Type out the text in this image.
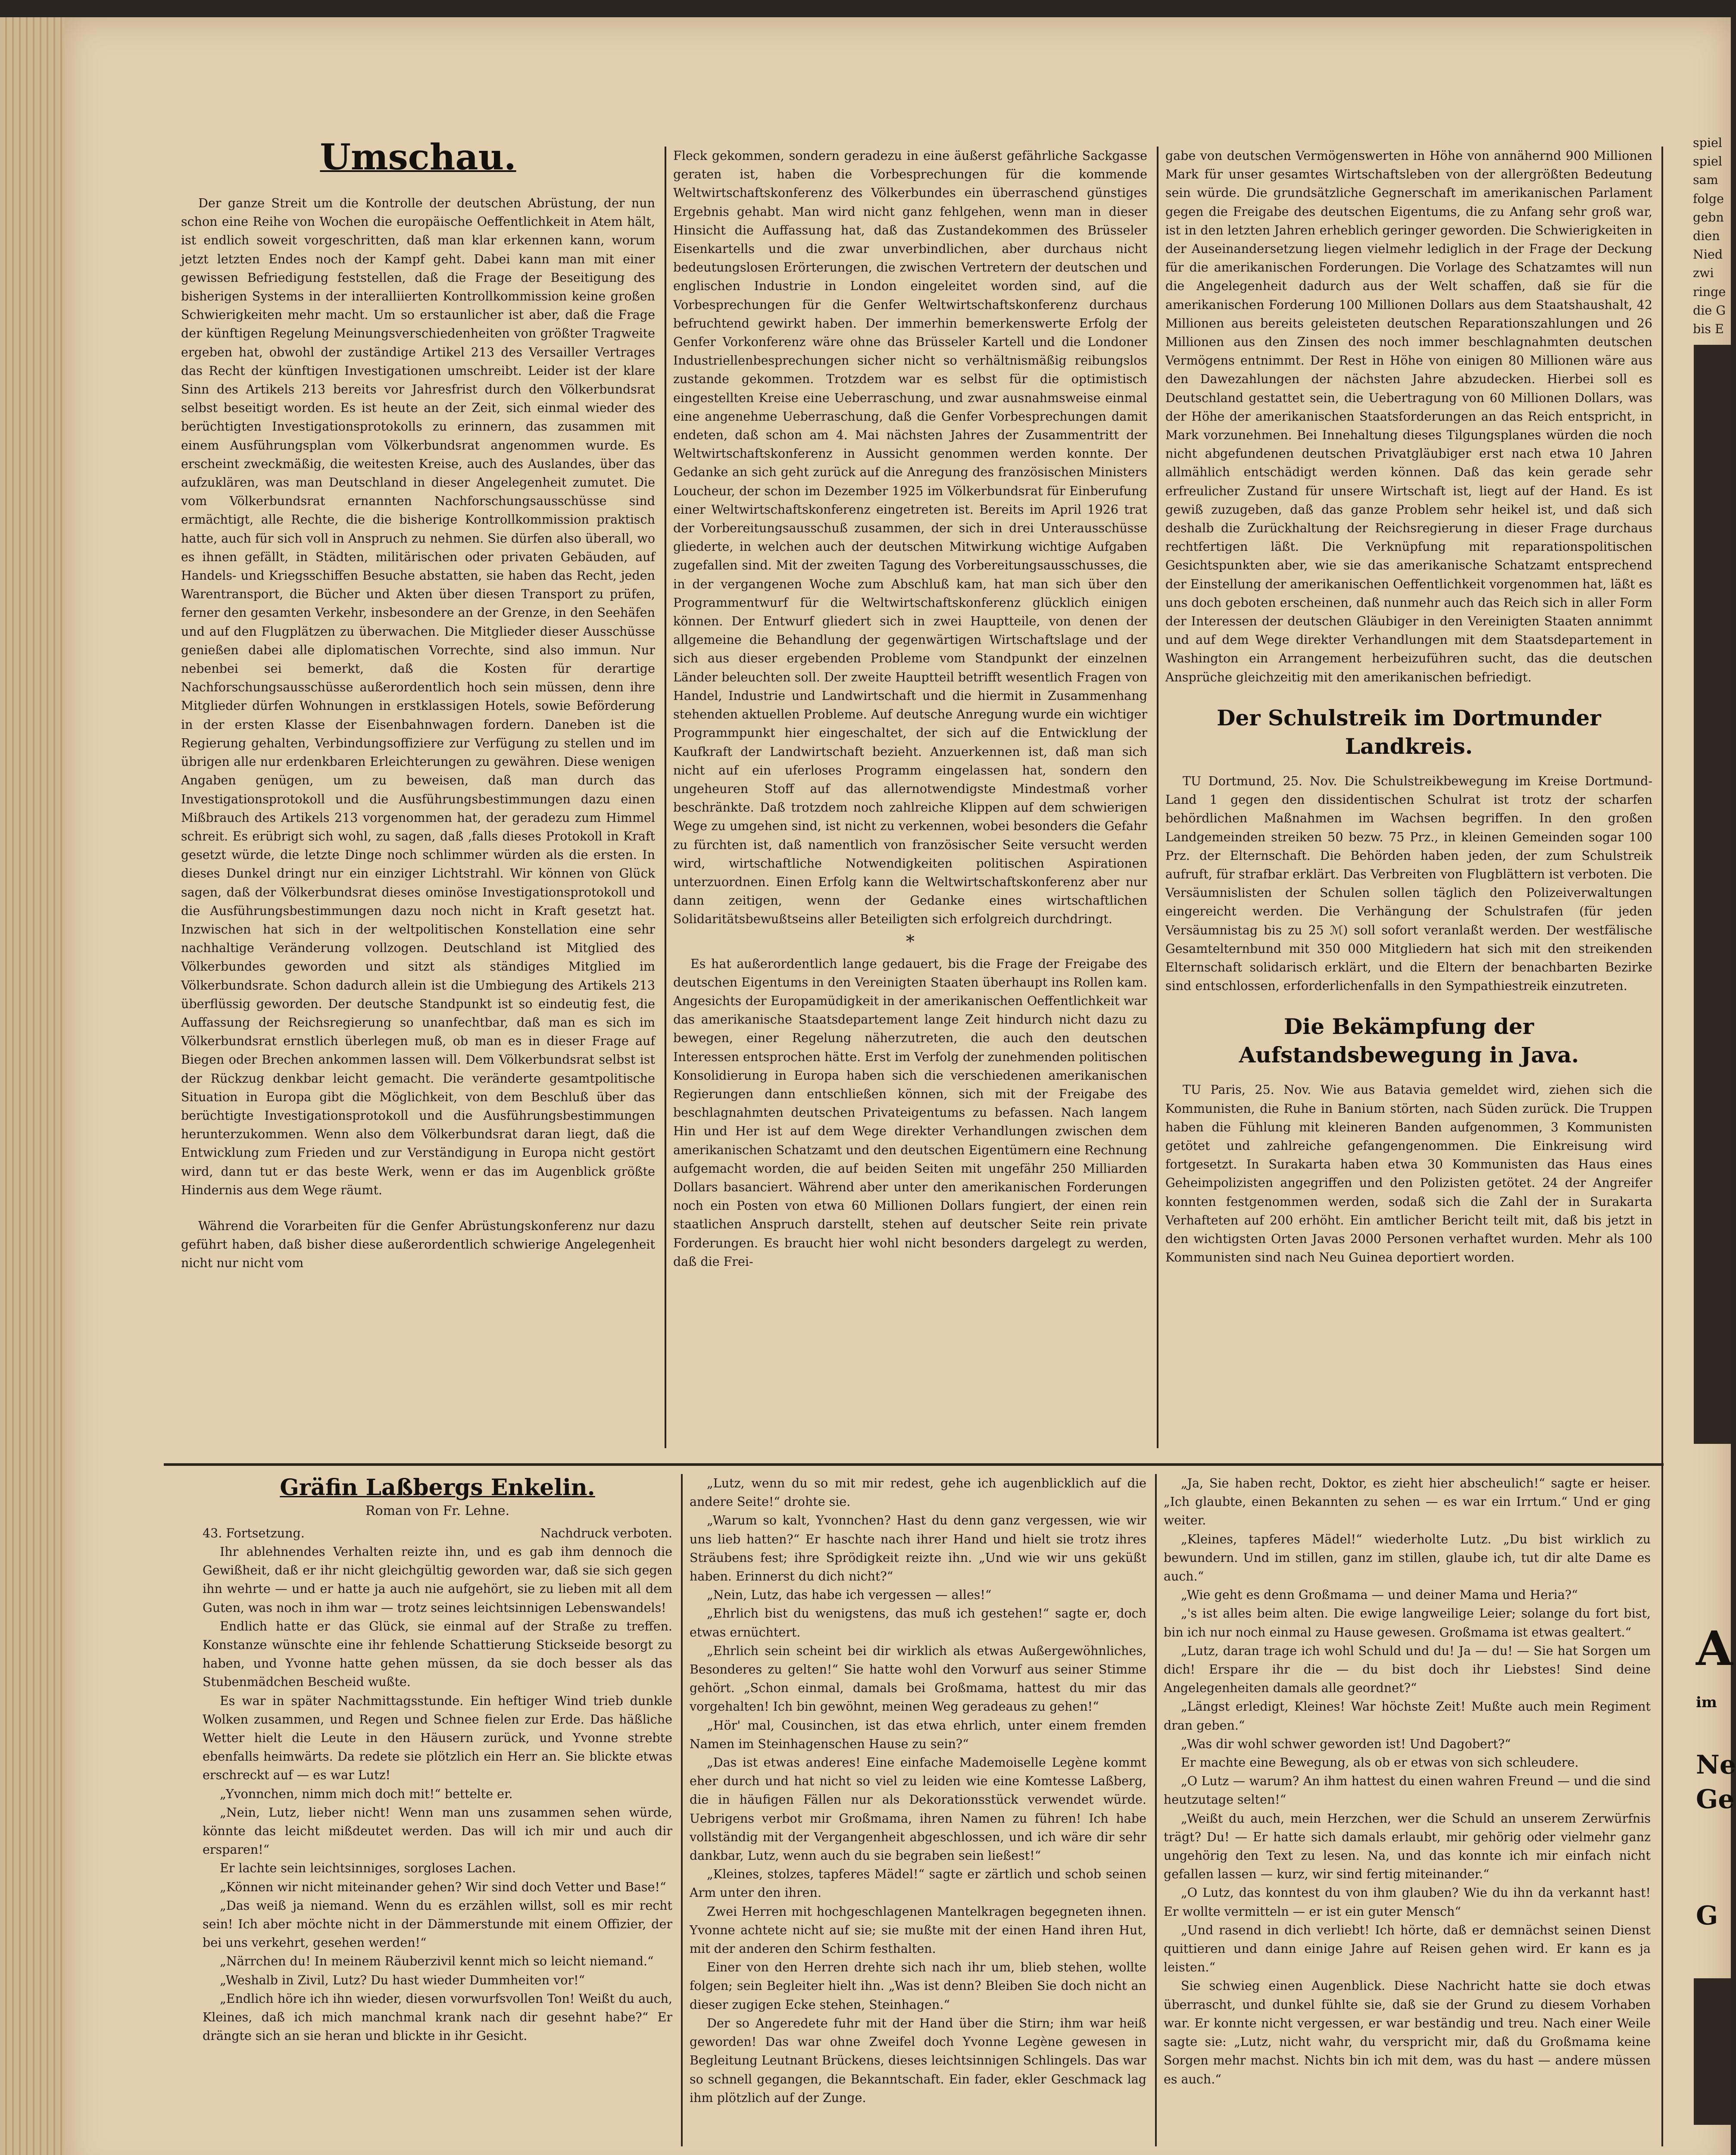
Umschau.

Der ganze Streit um die Kontrolle der deutschen Abrüstung, der nun schon eine Reihe von Wochen die europäische Oeffentlichkeit in Atem hält, ist endlich soweit vorgeschritten, daß man klar erkennen kann, worum jetzt letzten Endes noch der Kampf geht. Dabei kann man mit einer gewissen Befriedigung feststellen, daß die Frage der Beseitigung des bisherigen Systems in der interalliierten Kontrollkommission keine großen Schwierigkeiten mehr macht. Um so erstaunlicher ist aber, daß die Frage der künftigen Regelung Meinungsverschiedenheiten von größter Tragweite ergeben hat, obwohl der zuständige Artikel 213 des Versailler Vertrages das Recht der künftigen Investigationen umschreibt. Leider ist der klare Sinn des Artikels 213 bereits vor Jahresfrist durch den Völkerbundsrat selbst beseitigt worden. Es ist heute an der Zeit, sich einmal wieder des berüchtigten Investigationsprotokolls zu erinnern, das zusammen mit einem Ausführungsplan vom Völkerbundsrat angenommen wurde. Es erscheint zweckmäßig, die weitesten Kreise, auch des Auslandes, über das aufzuklären, was man Deutschland in dieser Angelegenheit zumutet. Die vom Völkerbundsrat ernannten Nachforschungsausschüsse sind ermächtigt, alle Rechte, die die bisherige Kontrollkommission praktisch hatte, auch für sich voll in Anspruch zu nehmen. Sie dürfen also überall, wo es ihnen gefällt, in Städten, militärischen oder privaten Gebäuden, auf Handels- und Kriegsschiffen Besuche abstatten, sie haben das Recht, jeden Warentransport, die Bücher und Akten über diesen Transport zu prüfen, ferner den gesamten Verkehr, insbesondere an der Grenze, in den Seehäfen und auf den Flugplätzen zu überwachen. Die Mitglieder dieser Ausschüsse genießen dabei alle diplomatischen Vorrechte, sind also immun. Nur nebenbei sei bemerkt, daß die Kosten für derartige Nachforschungsausschüsse außerordentlich hoch sein müssen, denn ihre Mitglieder dürfen Wohnungen in erstklassigen Hotels, sowie Beförderung in der ersten Klasse der Eisenbahnwagen fordern. Daneben ist die Regierung gehalten, Verbindungsoffiziere zur Verfügung zu stellen und im übrigen alle nur erdenkbaren Erleichterungen zu gewähren. Diese wenigen Angaben genügen, um zu beweisen, daß man durch das Investigationsprotokoll und die Ausführungsbestimmungen dazu einen Mißbrauch des Artikels 213 vorgenommen hat, der geradezu zum Himmel schreit. Es erübrigt sich wohl, zu sagen, daß ‚falls dieses Protokoll in Kraft gesetzt würde, die letzte Dinge noch schlimmer würden als die ersten. In dieses Dunkel dringt nur ein einziger Lichtstrahl. Wir können von Glück sagen, daß der Völkerbundsrat dieses ominöse Investigationsprotokoll und die Ausführungsbestimmungen dazu noch nicht in Kraft gesetzt hat. Inzwischen hat sich in der weltpolitischen Konstellation eine sehr nachhaltige Veränderung vollzogen. Deutschland ist Mitglied des Völkerbundes geworden und sitzt als ständiges Mitglied im Völkerbundsrate. Schon dadurch allein ist die Umbiegung des Artikels 213 überflüssig geworden. Der deutsche Standpunkt ist so eindeutig fest, die Auffassung der Reichsregierung so unanfechtbar, daß man es sich im Völkerbundsrat ernstlich überlegen muß, ob man es in dieser Frage auf Biegen oder Brechen ankommen lassen will. Dem Völkerbundsrat selbst ist der Rückzug denkbar leicht gemacht. Die veränderte gesamtpolitische Situation in Europa gibt die Möglichkeit, von dem Beschluß über das berüchtigte Investigationsprotokoll und die Ausführungsbestimmungen herunterzukommen. Wenn also dem Völkerbundsrat daran liegt, daß die Entwicklung zum Frieden und zur Verständigung in Europa nicht gestört wird, dann tut er das beste Werk, wenn er das im Augenblick größte Hindernis aus dem Wege räumt.

Während die Vorarbeiten für die Genfer Abrüstungskonferenz nur dazu geführt haben, daß bisher diese außerordentlich schwierige Angelegenheit nicht nur nicht vom

Fleck gekommen, sondern geradezu in eine äußerst gefährliche Sackgasse geraten ist, haben die Vorbesprechungen für die kommende Weltwirtschaftskonferenz des Völkerbundes ein überraschend günstiges Ergebnis gehabt. Man wird nicht ganz fehlgehen, wenn man in dieser Hinsicht die Auffassung hat, daß das Zustandekommen des Brüsseler Eisenkartells und die zwar unverbindlichen, aber durchaus nicht bedeutungslosen Erörterungen, die zwischen Vertretern der deutschen und englischen Industrie in London eingeleitet worden sind, auf die Vorbesprechungen für die Genfer Weltwirtschaftskonferenz durchaus befruchtend gewirkt haben. Der immerhin bemerkenswerte Erfolg der Genfer Vorkonferenz wäre ohne das Brüsseler Kartell und die Londoner Industriellenbesprechungen sicher nicht so verhältnismäßig reibungslos zustande gekommen. Trotzdem war es selbst für die optimistisch eingestellten Kreise eine Ueberraschung, und zwar ausnahmsweise einmal eine angenehme Ueberraschung, daß die Genfer Vorbesprechungen damit endeten, daß schon am 4. Mai nächsten Jahres der Zusammentritt der Weltwirtschaftskonferenz in Aussicht genommen werden konnte. Der Gedanke an sich geht zurück auf die Anregung des französischen Ministers Loucheur, der schon im Dezember 1925 im Völkerbundsrat für Einberufung einer Weltwirtschaftskonferenz eingetreten ist. Bereits im April 1926 trat der Vorbereitungsausschuß zusammen, der sich in drei Unterausschüsse gliederte, in welchen auch der deutschen Mitwirkung wichtige Aufgaben zugefallen sind. Mit der zweiten Tagung des Vorbereitungsausschusses, die in der vergangenen Woche zum Abschluß kam, hat man sich über den Programmentwurf für die Weltwirtschaftskonferenz glücklich einigen können. Der Entwurf gliedert sich in zwei Hauptteile, von denen der allgemeine die Behandlung der gegenwärtigen Wirtschaftslage und der sich aus dieser ergebenden Probleme vom Standpunkt der einzelnen Länder beleuchten soll. Der zweite Hauptteil betrifft wesentlich Fragen von Handel, Industrie und Landwirtschaft und die hiermit in Zusammenhang stehenden aktuellen Probleme. Auf deutsche Anregung wurde ein wichtiger Programmpunkt hier eingeschaltet, der sich auf die Entwicklung der Kaufkraft der Landwirtschaft bezieht. Anzuerkennen ist, daß man sich nicht auf ein uferloses Programm eingelassen hat, sondern den ungeheuren Stoff auf das allernotwendigste Mindestmaß vorher beschränkte. Daß trotzdem noch zahlreiche Klippen auf dem schwierigen Wege zu umgehen sind, ist nicht zu verkennen, wobei besonders die Gefahr zu fürchten ist, daß namentlich von französischer Seite versucht werden wird, wirtschaftliche Notwendigkeiten politischen Aspirationen unterzuordnen. Einen Erfolg kann die Weltwirtschaftskonferenz aber nur dann zeitigen, wenn der Gedanke eines wirtschaftlichen Solidaritätsbewußtseins aller Beteiligten sich erfolgreich durchdringt.

*

Es hat außerordentlich lange gedauert, bis die Frage der Freigabe des deutschen Eigentums in den Vereinigten Staaten überhaupt ins Rollen kam. Angesichts der Europamüdigkeit in der amerikanischen Oeffentlichkeit war das amerikanische Staatsdepartement lange Zeit hindurch nicht dazu zu bewegen, einer Regelung näherzutreten, die auch den deutschen Interessen entsprochen hätte. Erst im Verfolg der zunehmenden politischen Konsolidierung in Europa haben sich die verschiedenen amerikanischen Regierungen dann entschließen können, sich mit der Freigabe des beschlagnahmten deutschen Privateigentums zu befassen. Nach langem Hin und Her ist auf dem Wege direkter Verhandlungen zwischen dem amerikanischen Schatzamt und den deutschen Eigentümern eine Rechnung aufgemacht worden, die auf beiden Seiten mit ungefähr 250 Milliarden Dollars basanciert. Während aber unter den amerikanischen Forderungen noch ein Posten von etwa 60 Millionen Dollars fungiert, der einen rein staatlichen Anspruch darstellt, stehen auf deutscher Seite rein private Forderungen. Es braucht hier wohl nicht besonders dargelegt zu werden, daß die Frei-

gabe von deutschen Vermögenswerten in Höhe von annähernd 900 Millionen Mark für unser gesamtes Wirtschaftsleben von der allergrößten Bedeutung sein würde. Die grundsätzliche Gegnerschaft im amerikanischen Parlament gegen die Freigabe des deutschen Eigentums, die zu Anfang sehr groß war, ist in den letzten Jahren erheblich geringer geworden. Die Schwierigkeiten in der Auseinandersetzung liegen vielmehr lediglich in der Frage der Deckung für die amerikanischen Forderungen. Die Vorlage des Schatzamtes will nun die Angelegenheit dadurch aus der Welt schaffen, daß sie für die amerikanischen Forderung 100 Millionen Dollars aus dem Staatshaushalt, 42 Millionen aus bereits geleisteten deutschen Reparationszahlungen und 26 Millionen aus den Zinsen des noch immer beschlagnahmten deutschen Vermögens entnimmt. Der Rest in Höhe von einigen 80 Millionen wäre aus den Dawezahlungen der nächsten Jahre abzudecken. Hierbei soll es Deutschland gestattet sein, die Uebertragung von 60 Millionen Dollars, was der Höhe der amerikanischen Staatsforderungen an das Reich entspricht, in Mark vorzunehmen. Bei Innehaltung dieses Tilgungsplanes würden die noch nicht abgefundenen deutschen Privatgläubiger erst nach etwa 10 Jahren allmählich entschädigt werden können. Daß das kein gerade sehr erfreulicher Zustand für unsere Wirtschaft ist, liegt auf der Hand. Es ist gewiß zuzugeben, daß das ganze Problem sehr heikel ist, und daß sich deshalb die Zurückhaltung der Reichsregierung in dieser Frage durchaus rechtfertigen läßt. Die Verknüpfung mit reparationspolitischen Gesichtspunkten aber, wie sie das amerikanische Schatzamt entsprechend der Einstellung der amerikanischen Oeffentlichkeit vorgenommen hat, läßt es uns doch geboten erscheinen, daß nunmehr auch das Reich sich in aller Form der Interessen der deutschen Gläubiger in den Vereinigten Staaten annimmt und auf dem Wege direkter Verhandlungen mit dem Staatsdepartement in Washington ein Arrangement herbeizuführen sucht, das die deutschen Ansprüche gleichzeitig mit den amerikanischen befriedigt.

Der Schulstreik im Dortmunder Landkreis.

TU Dortmund, 25. Nov. Die Schulstreikbewegung im Kreise Dortmund-Land 1 gegen den dissidentischen Schulrat ist trotz der scharfen behördlichen Maßnahmen im Wachsen begriffen. In den großen Landgemeinden streiken 50 bezw. 75 Prz., in kleinen Gemeinden sogar 100 Prz. der Elternschaft. Die Behörden haben jeden, der zum Schulstreik aufruft, für strafbar erklärt. Das Verbreiten von Flugblättern ist verboten. Die Versäumnislisten der Schulen sollen täglich den Polizeiverwaltungen eingereicht werden. Die Verhängung der Schulstrafen (für jeden Versäumnistag bis zu 25 ℳ) soll sofort veranlaßt werden. Der westfälische Gesamtelternbund mit 350 000 Mitgliedern hat sich mit den streikenden Elternschaft solidarisch erklärt, und die Eltern der benachbarten Bezirke sind entschlossen, erforderlichenfalls in den Sympathiestreik einzutreten.

Die Bekämpfung der Aufstandsbewegung in Java.

TU Paris, 25. Nov. Wie aus Batavia gemeldet wird, ziehen sich die Kommunisten, die Ruhe in Banium störten, nach Süden zurück. Die Truppen haben die Fühlung mit kleineren Banden aufgenommen, 3 Kommunisten getötet und zahlreiche gefangengenommen. Die Einkreisung wird fortgesetzt. In Surakarta haben etwa 30 Kommunisten das Haus eines Geheimpolizisten angegriffen und den Polizisten getötet. 24 der Angreifer konnten festgenommen werden, sodaß sich die Zahl der in Surakarta Verhafteten auf 200 erhöht. Ein amtlicher Bericht teilt mit, daß bis jetzt in den wichtigsten Orten Javas 2000 Personen verhaftet wurden. Mehr als 100 Kommunisten sind nach Neu Guinea deportiert worden.

Gräfin Laßbergs Enkelin.
Roman von Fr. Lehne.
43. Fortsetzung.	Nachdruck verboten.

Ihr ablehnendes Verhalten reizte ihn, und es gab ihm dennoch die Gewißheit, daß er ihr nicht gleichgültig geworden war, daß sie sich gegen ihn wehrte — und er hatte ja auch nie aufgehört, sie zu lieben mit all dem Guten, was noch in ihm war — trotz seines leichtsinnigen Lebenswandels!

Endlich hatte er das Glück, sie einmal auf der Straße zu treffen. Konstanze wünschte eine ihr fehlende Schattierung Stickseide besorgt zu haben, und Yvonne hatte gehen müssen, da sie doch besser als das Stubenmädchen Bescheid wußte.

Es war in später Nachmittagsstunde. Ein heftiger Wind trieb dunkle Wolken zusammen, und Regen und Schnee fielen zur Erde. Das häßliche Wetter hielt die Leute in den Häusern zurück, und Yvonne strebte ebenfalls heimwärts. Da redete sie plötzlich ein Herr an. Sie blickte etwas erschreckt auf — es war Lutz!

„Yvonnchen, nimm mich doch mit!“ bettelte er.

„Nein, Lutz, lieber nicht! Wenn man uns zusammen sehen würde, könnte das leicht mißdeutet werden. Das will ich mir und auch dir ersparen!“

Er lachte sein leichtsinniges, sorgloses Lachen.

„Können wir nicht miteinander gehen? Wir sind doch Vetter und Base!“

„Das weiß ja niemand. Wenn du es erzählen willst, soll es mir recht sein! Ich aber möchte nicht in der Dämmerstunde mit einem Offizier, der bei uns verkehrt, gesehen werden!“

„Närrchen du! In meinem Räuberzivil kennt mich so leicht niemand.“

„Weshalb in Zivil, Lutz? Du hast wieder Dummheiten vor!“

„Endlich höre ich ihn wieder, diesen vorwurfsvollen Ton! Weißt du auch, Kleines, daß ich mich manchmal krank nach dir gesehnt habe?“ Er drängte sich an sie heran und blickte in ihr Gesicht.

„Lutz, wenn du so mit mir redest, gehe ich augenblicklich auf die andere Seite!“ drohte sie.

„Warum so kalt, Yvonnchen? Hast du denn ganz vergessen, wie wir uns lieb hatten?“ Er haschte nach ihrer Hand und hielt sie trotz ihres Sträubens fest; ihre Sprödigkeit reizte ihn. „Und wie wir uns geküßt haben. Erinnerst du dich nicht?“

„Nein, Lutz, das habe ich vergessen — alles!“

„Ehrlich bist du wenigstens, das muß ich gestehen!“ sagte er, doch etwas ernüchtert.

„Ehrlich sein scheint bei dir wirklich als etwas Außergewöhnliches, Besonderes zu gelten!“ Sie hatte wohl den Vorwurf aus seiner Stimme gehört. „Schon einmal, damals bei Großmama, hattest du mir das vorgehalten! Ich bin gewöhnt, meinen Weg geradeaus zu gehen!“

„Hör' mal, Cousinchen, ist das etwa ehrlich, unter einem fremden Namen im Steinhagenschen Hause zu sein?“

„Das ist etwas anderes! Eine einfache Mademoiselle Legène kommt eher durch und hat nicht so viel zu leiden wie eine Komtesse Laßberg, die in häufigen Fällen nur als Dekorationsstück verwendet würde. Uebrigens verbot mir Großmama, ihren Namen zu führen! Ich habe vollständig mit der Vergangenheit abgeschlossen, und ich wäre dir sehr dankbar, Lutz, wenn auch du sie begraben sein ließest!“

„Kleines, stolzes, tapferes Mädel!“ sagte er zärtlich und schob seinen Arm unter den ihren.

Zwei Herren mit hochgeschlagenen Mantelkragen begegneten ihnen. Yvonne achtete nicht auf sie; sie mußte mit der einen Hand ihren Hut, mit der anderen den Schirm festhalten.

Einer von den Herren drehte sich nach ihr um, blieb stehen, wollte folgen; sein Begleiter hielt ihn. „Was ist denn? Bleiben Sie doch nicht an dieser zugigen Ecke stehen, Steinhagen.“

Der so Angeredete fuhr mit der Hand über die Stirn; ihm war heiß geworden! Das war ohne Zweifel doch Yvonne Legène gewesen in Begleitung Leutnant Brückens, dieses leichtsinnigen Schlingels. Das war so schnell gegangen, die Bekanntschaft. Ein fader, ekler Geschmack lag ihm plötzlich auf der Zunge.

„Ja, Sie haben recht, Doktor, es zieht hier abscheulich!“ sagte er heiser. „Ich glaubte, einen Bekannten zu sehen — es war ein Irrtum.“ Und er ging weiter.

„Kleines, tapferes Mädel!“ wiederholte Lutz. „Du bist wirklich zu bewundern. Und im stillen, ganz im stillen, glaube ich, tut dir alte Dame es auch.“

„Wie geht es denn Großmama — und deiner Mama und Heria?“

„'s ist alles beim alten. Die ewige langweilige Leier; solange du fort bist, bin ich nur noch einmal zu Hause gewesen. Großmama ist etwas gealtert.“

„Lutz, daran trage ich wohl Schuld und du! Ja — du! — Sie hat Sorgen um dich! Erspare ihr die — du bist doch ihr Liebstes! Sind deine Angelegenheiten damals alle geordnet?“

„Längst erledigt, Kleines! War höchste Zeit! Mußte auch mein Regiment dran geben.“

„Was dir wohl schwer geworden ist! Und Dagobert?“

Er machte eine Bewegung, als ob er etwas von sich schleudere.

„O Lutz — warum? An ihm hattest du einen wahren Freund — und die sind heutzutage selten!“

„Weißt du auch, mein Herzchen, wer die Schuld an unserem Zerwürfnis trägt? Du! — Er hatte sich damals erlaubt, mir gehörig oder vielmehr ganz ungehörig den Text zu lesen. Na, und das konnte ich mir einfach nicht gefallen lassen — kurz, wir sind fertig miteinander.“

„O Lutz, das konntest du von ihm glauben? Wie du ihn da verkannt hast! Er wollte vermitteln — er ist ein guter Mensch“

„Und rasend in dich verliebt! Ich hörte, daß er demnächst seinen Dienst quittieren und dann einige Jahre auf Reisen gehen wird. Er kann es ja leisten.“

Sie schwieg einen Augenblick. Diese Nachricht hatte sie doch etwas überrascht, und dunkel fühlte sie, daß sie der Grund zu diesem Vorhaben war. Er konnte nicht vergessen, er war beständig und treu. Nach einer Weile sagte sie: „Lutz, nicht wahr, du verspricht mir, daß du Großmama keine Sorgen mehr machst. Nichts bin ich mit dem, was du hast — andere müssen es auch.“

spiel
spiel
sam
folge
gebn
dien
Nied
zwi
ringe
die G
bis E
A
im
Ne
Ge
G
